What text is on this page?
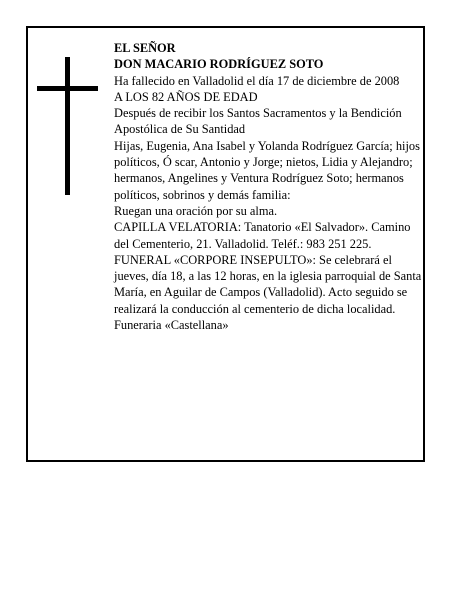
EL SEÑOR

DON MACARIO RODRÍGUEZ SOTO

Ha fallecido en Valladolid el día 17 de diciembre de 2008

A LOS 82 AÑOS DE EDAD

Después de recibir los Santos Sacramentos y la Bendición Apostólica de Su Santidad

Hijas, Eugenia, Ana Isabel y Yolanda Rodríguez García; hijos políticos, Ó scar, Antonio y Jorge; nietos, Lidia y Alejandro; hermanos, Angelines y Ventura Rodríguez Soto; hermanos políticos, sobrinos y demás familia:

Ruegan una oración por su alma.

CAPILLA VELATORIA: Tanatorio «El Salvador». Camino del Cementerio, 21. Valladolid. Teléf.: 983 251 225.

FUNERAL «CORPORE INSEPULTO»: Se celebrará el jueves, día 18, a las 12 horas, en la iglesia parroquial de Santa María, en Aguilar de Campos (Valladolid). Acto seguido se realizará la conducción al cementerio de dicha localidad.

Funeraria «Castellana»
